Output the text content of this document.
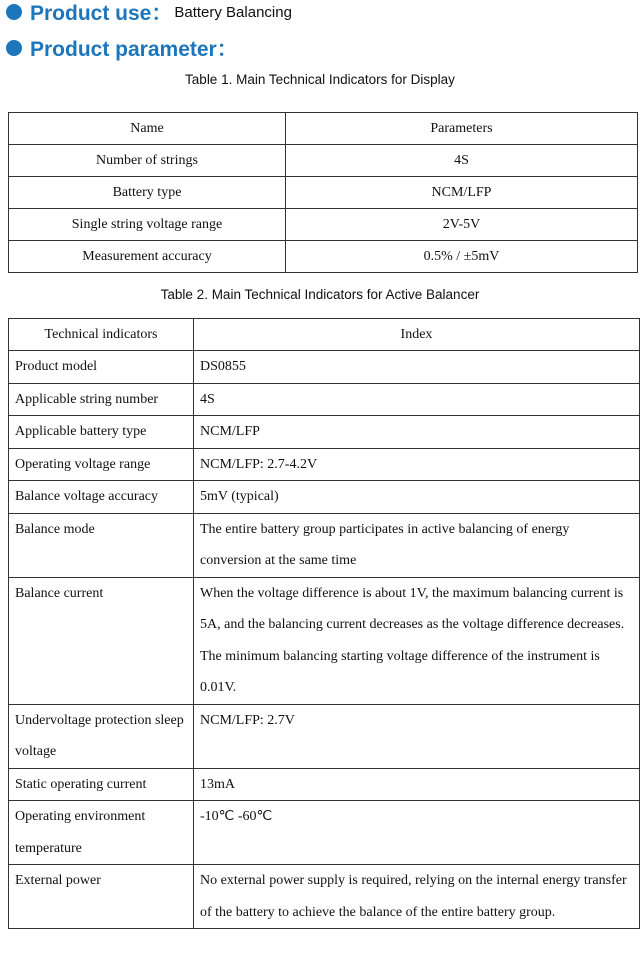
Product use： Battery Balancing
Product parameter：
Table 1. Main Technical Indicators for Display
Name	Parameters
Number of strings	4S
Battery type	NCM/LFP
Single string voltage range	2V-5V
Measurement accuracy	0.5% / ±5mV
Table 2. Main Technical Indicators for Active Balancer
Technical indicators	Index
Product model	DS0855
Applicable string number	4S
Applicable battery type	NCM/LFP
Operating voltage range	NCM/LFP: 2.7-4.2V
Balance voltage accuracy	5mV (typical)
Balance mode	The entire battery group participates in active balancing of energy conversion at the same time
Balance current	When the voltage difference is about 1V, the maximum balancing current is 5A, and the balancing current decreases as the voltage difference decreases. The minimum balancing starting voltage difference of the instrument is 0.01V.
Undervoltage protection sleep voltage	NCM/LFP: 2.7V
Static operating current	13mA
Operating environment temperature	-10℃ -60℃
External power	No external power supply is required, relying on the internal energy transfer of the battery to achieve the balance of the entire battery group.
